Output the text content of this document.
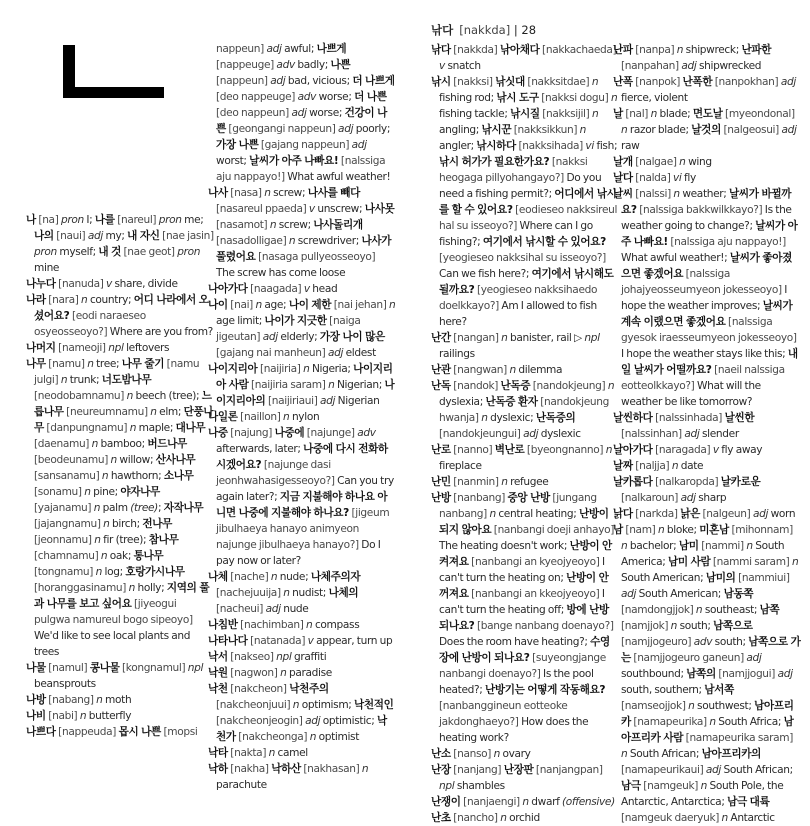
나 [na] pron I; 나를 [nareul] pron me; 나의 [naui] adj my; 내 자신 [nae jasin] pron myself; 내 것 [nae geot] pron mine

나누다 [nanuda] v share, divide

나라 [nara] n country; 어디 나라에서 오셨어요? [eodi naraeseo osyeosseoyo?] Where are you from?

나머지 [nameoji] npl leftovers

나무 [namu] n tree; 나무 줄기 [namu julgi] n trunk; 너도밤나무 [neodobamnamu] n beech (tree); 느릅나무 [neureumnamu] n elm; 단풍나무 [danpungnamu] n maple; 대나무 [daenamu] n bamboo; 버드나무 [beodeunamu] n willow; 산사나무 [sansanamu] n hawthorn; 소나무 [sonamu] n pine; 야자나무 [yajanamu] n palm (tree); 자작나무 [jajangnamu] n birch; 전나무 [jeonnamu] n fir (tree); 참나무 [chamnamu] n oak; 통나무 [tongnamu] n log; 호랑가시나무 [horanggasinamu] n holly; 지역의 풀과 나무를 보고 싶어요 [jiyeogui pulgwa namureul bogo sipeoyo] We'd like to see local plants and trees

나물 [namul] 콩나물 [kongnamul] npl beansprouts

나방 [nabang] n moth

나비 [nabi] n butterfly

나쁘다 [nappeuda] 몹시 나쁜 [mopsi

nappeun] adj awful; 나쁘게 [nappeuge] adv badly; 나쁜 [nappeun] adj bad, vicious; 더 나쁘게 [deo nappeuge] adv worse; 더 나쁜 [deo nappeun] adj worse; 건강이 나쁜 [geongangi nappeun] adj poorly; 가장 나쁜 [gajang nappeun] adj worst; 날씨가 아주 나빠요! [nalssiga aju nappayo!] What awful weather!

나사 [nasa] n screw; 나사를 빼다 [nasareul ppaeda] v unscrew; 나사못 [nasamot] n screw; 나사돌리개 [nasadolligae] n screwdriver; 나사가 풀렸어요 [nasaga pullyeosseoyo] The screw has come loose

나아가다 [naagada] v head

나이 [nai] n age; 나이 제한 [nai jehan] n age limit; 나이가 지긋한 [naiga jigeutan] adj elderly; 가장 나이 많은 [gajang nai manheun] adj eldest

나이지리아 [naijiria] n Nigeria; 나이지리아 사람 [naijiria saram] n Nigerian; 나이지리아의 [naijiriaui] adj Nigerian

나일론 [naillon] n nylon

나중 [najung] 나중에 [najunge] adv afterwards, later; 나중에 다시 전화하시겠어요? [najunge dasi jeonhwahasigesseoyo?] Can you try again later?; 지금 지불해야 하나요 아니면 나중에 지불해야 하나요? [jigeum jibulhaeya hanayo animyeon najunge jibulhaeya hanayo?] Do I pay now or later?

나체 [nache] n nude; 나체주의자 [nachejuuija] n nudist; 나체의 [nacheui] adj nude

나침반 [nachimban] n compass

나타나다 [natanada] v appear, turn up

낙서 [nakseo] npl graffiti

낙원 [nagwon] n paradise

낙천 [nakcheon] 낙천주의 [nakcheonjuui] n optimism; 낙천적인 [nakcheonjeogin] adj optimistic; 낙천가 [nakcheonga] n optimist

낙타 [nakta] n camel

낙하 [nakha] 낙하산 [nakhasan] n parachute

낚다 [nakkda] | 28

낚다 [nakkda] 낚아채다 [nakkachaeda] v snatch

낚시 [nakksi] 낚싯대 [nakksitdae] n fishing rod; 낚시 도구 [nakksi dogu] n fishing tackle; 낚시질 [nakksijil] n angling; 낚시꾼 [nakksikkun] n angler; 낚시하다 [nakksihada] vi fish; 낚시 허가가 필요한가요? [nakksi heogaga pillyohangayo?] Do you need a fishing permit?; 어디에서 낚시를 할 수 있어요? [eodieseo nakksireul hal su isseoyo?] Where can I go fishing?; 여기에서 낚시할 수 있어요? [yeogieseo nakksihal su isseoyo?] Can we fish here?; 여기에서 낚시해도 될까요? [yeogieseo nakksihaedo doelkkayo?] Am I allowed to fish here?

난간 [nangan] n banister, rail ▷ npl railings

난관 [nangwan] n dilemma

난독 [nandok] 난독증 [nandokjeung] n dyslexia; 난독증 환자 [nandokjeung hwanja] n dyslexic; 난독증의 [nandokjeungui] adj dyslexic

난로 [nanno] 벽난로 [byeongnanno] n fireplace

난민 [nanmin] n refugee

난방 [nanbang] 중앙 난방 [jungang nanbang] n central heating; 난방이 되지 않아요 [nanbangi doeji anhayo] The heating doesn't work; 난방이 안 켜져요 [nanbangi an kyeojyeoyo] I can't turn the heating on; 난방이 안 꺼져요 [nanbangi an kkeojyeoyo] I can't turn the heating off; 방에 난방 되나요? [bange nanbang doenayo?] Does the room have heating?; 수영장에 난방이 되나요? [suyeongjange nanbangi doenayo?] Is the pool heated?; 난방기는 어떻게 작동해요? [nanbanggineun eotteoke jakdonghaeyo?] How does the heating work?

난소 [nanso] n ovary

난장 [nanjang] 난장판 [nanjangpan] npl shambles

난쟁이 [nanjaengi] n dwarf (offensive)

난초 [nancho] n orchid

난파 [nanpa] n shipwreck; 난파한 [nanpahan] adj shipwrecked

난폭 [nanpok] 난폭한 [nanpokhan] adj fierce, violent

날 [nal] n blade; 면도날 [myeondonal] n razor blade; 날것의 [nalgeosui] adj raw

날개 [nalgae] n wing

날다 [nalda] vi fly

날씨 [nalssi] n weather; 날씨가 바뀔까요? [nalssiga bakkwilkkayo?] Is the weather going to change?; 날씨가 아주 나빠요! [nalssiga aju nappayo!] What awful weather!; 날씨가 좋아졌으면 좋겠어요 [nalssiga johajyeosseumyeon jokesseoyo] I hope the weather improves; 날씨가 계속 이랬으면 좋겠어요 [nalssiga gyesok iraesseumyeon jokesseoyo] I hope the weather stays like this; 내일 날씨가 어떨까요? [naeil nalssiga eotteolkkayo?] What will the weather be like tomorrow?

날씬하다 [nalssinhada] 날씬한 [nalssinhan] adj slender

날아가다 [naragada] v fly away

날짜 [naljja] n date

날카롭다 [nalkaropda] 날카로운 [nalkaroun] adj sharp

낡다 [narkda] 낡은 [nalgeun] adj worn

남 [nam] n bloke; 미혼남 [mihonnam] n bachelor; 남미 [nammi] n South America; 남미 사람 [nammi saram] n South American; 남미의 [nammiui] adj South American; 남동쪽 [namdongjjok] n southeast; 남쪽 [namjjok] n south; 남쪽으로 [namjjogeuro] adv south; 남쪽으로 가는 [namjjogeuro ganeun] adj southbound; 남쪽의 [namjjogui] adj south, southern; 남서쪽 [namseojjok] n southwest; 남아프리카 [namapeurika] n South Africa; 남아프리카 사람 [namapeurika saram] n South African; 남아프리카의 [namapeurikaui] adj South African; 남극 [namgeuk] n South Pole, the Antarctic, Antarctica; 남극 대륙 [namgeuk daeryuk] n Antarctic
